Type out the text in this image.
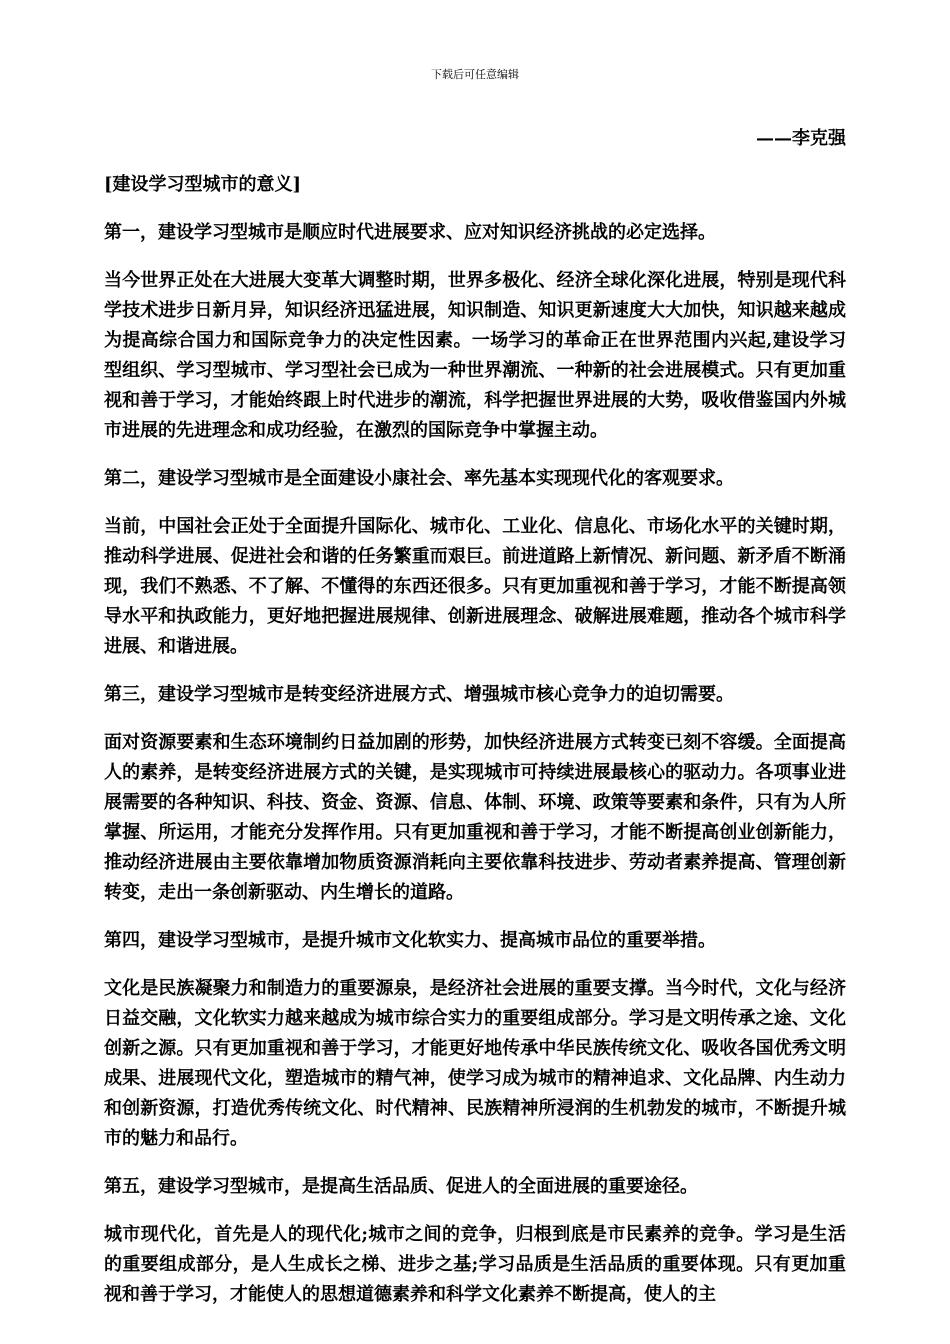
下载后可任意编辑
——李克强
[建设学习型城市的意义]
第一，建设学习型城市是顺应时代进展要求、应对知识经济挑战的必定选择。
当今世界正处在大进展大变革大调整时期，世界多极化、经济全球化深化进展，特别是现代科学技术进步日新月异，知识经济迅猛进展，知识制造、知识更新速度大大加快，知识越来越成为提高综合国力和国际竞争力的决定性因素。一场学习的革命正在世界范围内兴起,建设学习型组织、学习型城市、学习型社会已成为一种世界潮流、一种新的社会进展模式。只有更加重视和善于学习，才能始终跟上时代进步的潮流，科学把握世界进展的大势，吸收借鉴国内外城市进展的先进理念和成功经验，在激烈的国际竞争中掌握主动。
第二，建设学习型城市是全面建设小康社会、率先基本实现现代化的客观要求。
当前，中国社会正处于全面提升国际化、城市化、工业化、信息化、市场化水平的关键时期，推动科学进展、促进社会和谐的任务繁重而艰巨。前进道路上新情况、新问题、新矛盾不断涌现，我们不熟悉、不了解、不懂得的东西还很多。只有更加重视和善于学习，才能不断提高领导水平和执政能力，更好地把握进展规律、创新进展理念、破解进展难题，推动各个城市科学进展、和谐进展。
第三，建设学习型城市是转变经济进展方式、增强城市核心竞争力的迫切需要。
面对资源要素和生态环境制约日益加剧的形势，加快经济进展方式转变已刻不容缓。全面提高人的素养，是转变经济进展方式的关键，是实现城市可持续进展最核心的驱动力。各项事业进展需要的各种知识、科技、资金、资源、信息、体制、环境、政策等要素和条件，只有为人所掌握、所运用，才能充分发挥作用。只有更加重视和善于学习，才能不断提高创业创新能力，推动经济进展由主要依靠增加物质资源消耗向主要依靠科技进步、劳动者素养提高、管理创新转变，走出一条创新驱动、内生增长的道路。
第四，建设学习型城市，是提升城市文化软实力、提高城市品位的重要举措。
文化是民族凝聚力和制造力的重要源泉，是经济社会进展的重要支撑。当今时代，文化与经济日益交融，文化软实力越来越成为城市综合实力的重要组成部分。学习是文明传承之途、文化创新之源。只有更加重视和善于学习，才能更好地传承中华民族传统文化、吸收各国优秀文明成果、进展现代文化，塑造城市的精气神，使学习成为城市的精神追求、文化品牌、内生动力和创新资源，打造优秀传统文化、时代精神、民族精神所浸润的生机勃发的城市，不断提升城市的魅力和品行。
第五，建设学习型城市，是提高生活品质、促进人的全面进展的重要途径。
城市现代化，首先是人的现代化;城市之间的竞争，归根到底是市民素养的竞争。学习是生活的重要组成部分，是人生成长之梯、进步之基;学习品质是生活品质的重要体现。只有更加重视和善于学习，才能使人的思想道德素养和科学文化素养不断提高，使人的主
